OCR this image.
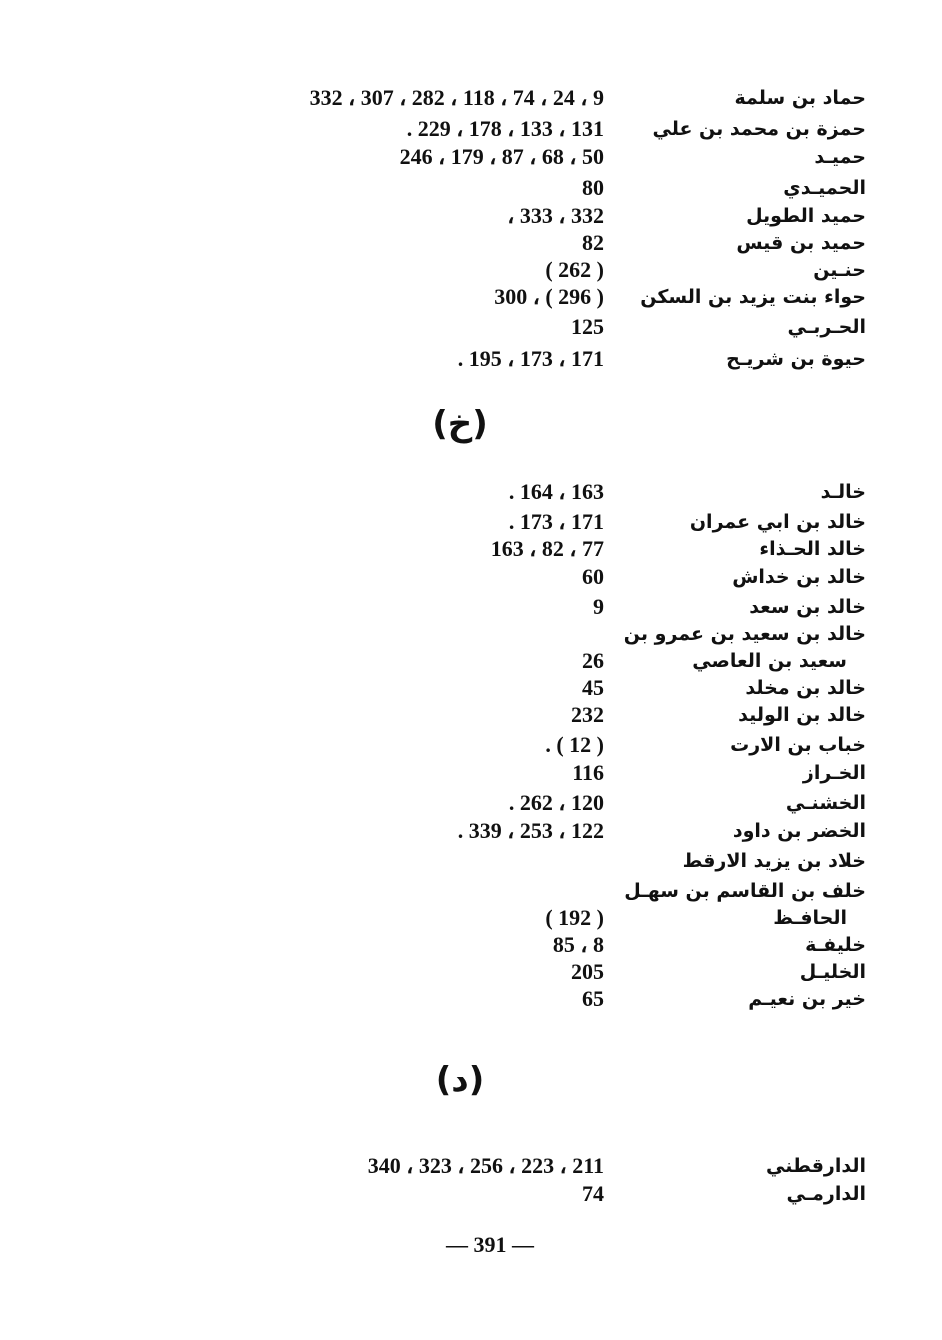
حماد بن سلمة
332 ، 307 ، 282 ، 118 ، 74 ، 24 ، 9
حمزة بن محمد بن علي
. 229 ، 178 ، 133 ، 131
حميـد
246 ، 179 ، 87 ، 68 ، 50
الحميـدي
80
حميد الطويل
، 333 ، 332
حميد بن قيس
82
حنـين
( 262 )
حواء بنت يزيد بن السكن
300 ، ( 296 )
الحـربـي
125
حيوة بن شريـح
. 195 ، 173 ، 171
(خ)
خالـد
. 164 ، 163
خالد بن ابي عمران
. 173 ، 171
خالد الحـذاء
163 ، 82 ، 77
خالد بن خداش
60
خالد بن سعد
9
خالد بن سعيد بن عمرو بن
سعيد بن العاصي
26
خالد بن مخلد
45
خالد بن الوليد
232
خباب بن الارت
. ( 12 )
الخـراز
116
الخشنـي
. 262 ، 120
الخضر بن داود
. 339 ، 253 ، 122
خلاد بن يزيد الارقط
خلف بن القاسم بن سهـل
الحافـظ
( 192 )
خليفـة
85 ، 8
الخليـل
205
خير بن نعيـم
65
(د)
الدارقطني
340 ، 323 ، 256 ، 223 ، 211
الدارمـي
74
— 391 —
